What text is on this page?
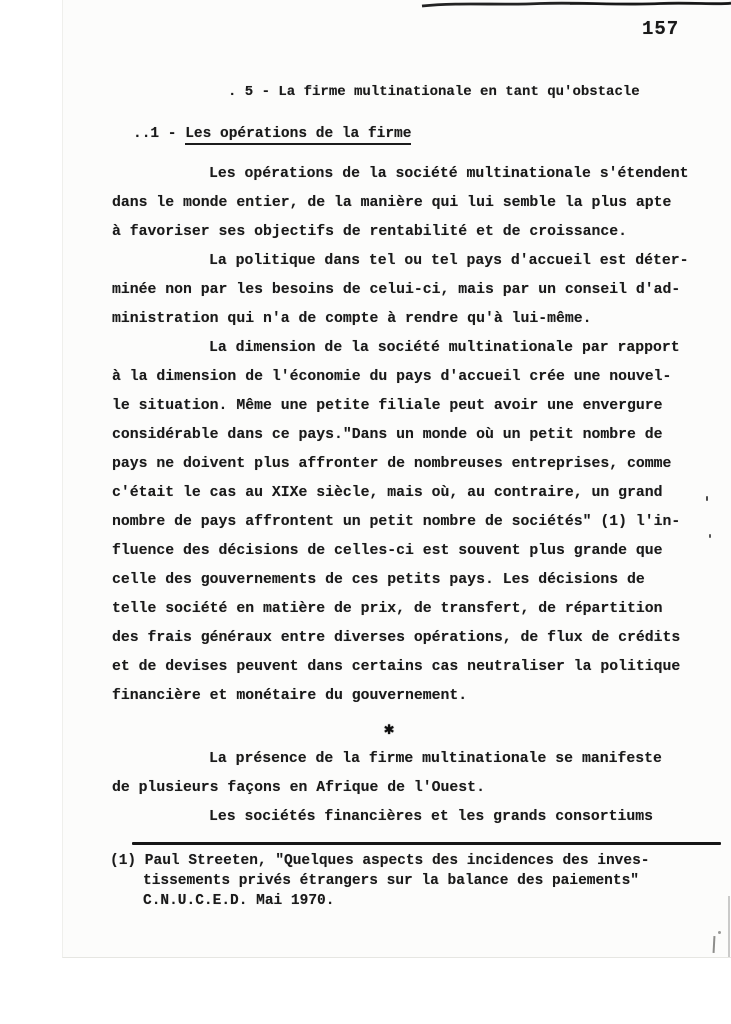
157
. 5 - La firme multinationale en tant qu'obstacle
..1 - Les opérations de la firme
Les opérations de la société multinationale s'étendent
dans le monde entier, de la manière qui lui semble la plus apte
à favoriser ses objectifs de rentabilité et de croissance.
La politique dans tel ou tel pays d'accueil est déter-
minée non par les besoins de celui-ci, mais par un conseil d'ad-
ministration qui n'a de compte à rendre qu'à lui-même.
La dimension de la société multinationale par rapport
à la dimension de l'économie du pays d'accueil crée une nouvel-
le situation. Même une petite filiale peut avoir une envergure
considérable dans ce pays."Dans un monde où un petit nombre de
pays ne doivent plus affronter de nombreuses entreprises, comme
c'était le cas au XIXe siècle, mais où, au contraire, un grand
nombre de pays affrontent un petit nombre de sociétés" (1) l'in-
fluence des décisions de celles-ci est souvent plus grande que
celle des gouvernements de ces petits pays. Les décisions de
telle société en matière de prix, de transfert, de répartition
des frais généraux entre diverses opérations, de flux de crédits
et de devises peuvent dans certains cas neutraliser la politique
financière et monétaire du gouvernement.
✱
La présence de la firme multinationale se manifeste
de plusieurs façons en Afrique de l'Ouest.
Les sociétés financières et les grands consortiums
(1) Paul Streeten, "Quelques aspects des incidences des inves-
tissements privés étrangers sur la balance des paiements"
C.N.U.C.E.D. Mai 1970.
